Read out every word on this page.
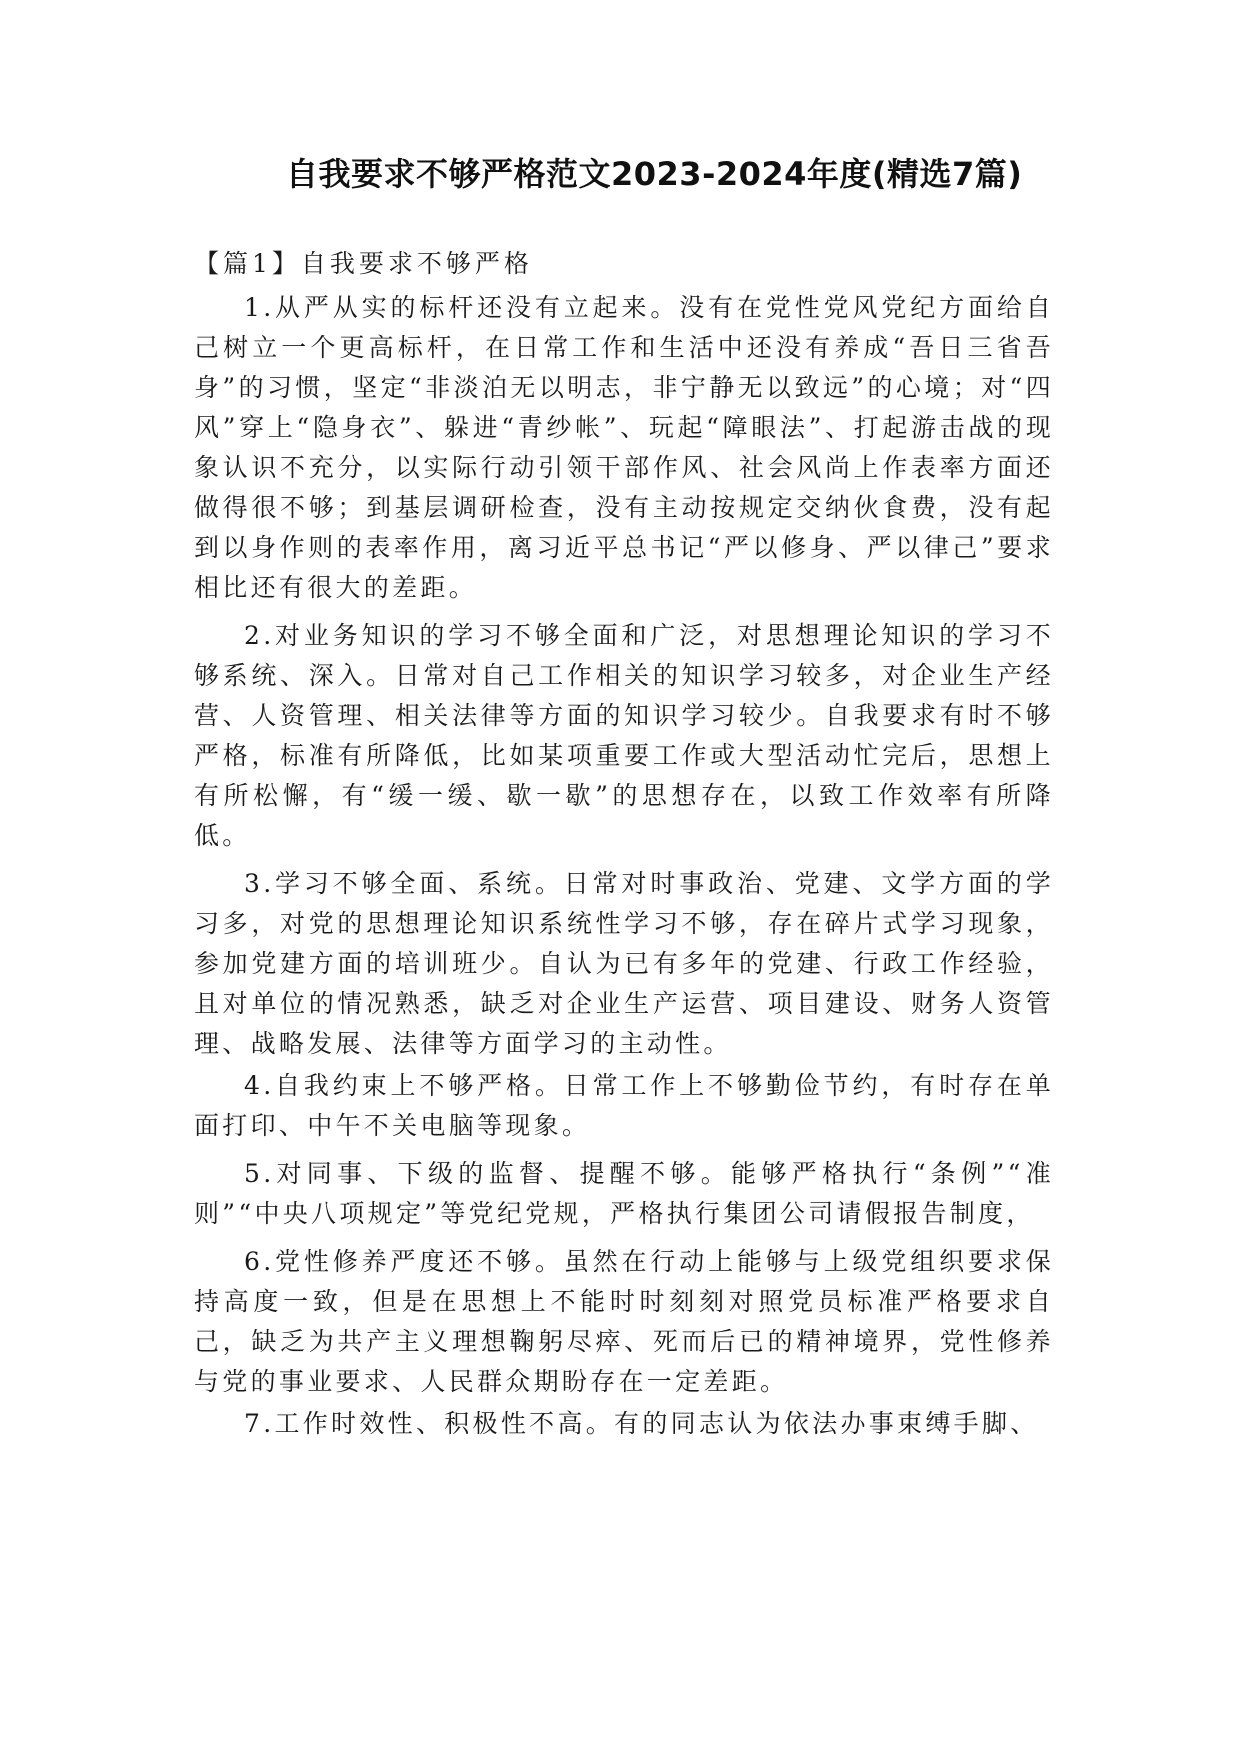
自我要求不够严格范文2023-2024年度(精选7篇)
【篇1】自我要求不够严格

1.从严从实的标杆还没有立起来。没有在党性党风党纪方面给自己树立一个更高标杆，在日常工作和生活中还没有养成“吾日三省吾身”的习惯，坚定“非淡泊无以明志，非宁静无以致远”的心境；对“四风”穿上“隐身衣”、躲进“青纱帐”、玩起“障眼法”、打起游击战的现象认识不充分，以实际行动引领干部作风、社会风尚上作表率方面还做得很不够；到基层调研检查，没有主动按规定交纳伙食费，没有起到以身作则的表率作用，离习近平总书记“严以修身、严以律己”要求相比还有很大的差距。

2.对业务知识的学习不够全面和广泛，对思想理论知识的学习不够系统、深入。日常对自己工作相关的知识学习较多，对企业生产经营、人资管理、相关法律等方面的知识学习较少。自我要求有时不够严格，标准有所降低，比如某项重要工作或大型活动忙完后，思想上有所松懈，有“缓一缓、歇一歇”的思想存在，以致工作效率有所降低。

3.学习不够全面、系统。日常对时事政治、党建、文学方面的学习多，对党的思想理论知识系统性学习不够，存在碎片式学习现象，参加党建方面的培训班少。自认为已有多年的党建、行政工作经验，且对单位的情况熟悉，缺乏对企业生产运营、项目建设、财务人资管理、战略发展、法律等方面学习的主动性。

4.自我约束上不够严格。日常工作上不够勤俭节约，有时存在单面打印、中午不关电脑等现象。

5.对同事、下级的监督、提醒不够。能够严格执行“条例”“准则”“中央八项规定”等党纪党规，严格执行集团公司请假报告制度，

6.党性修养严度还不够。虽然在行动上能够与上级党组织要求保持高度一致，但是在思想上不能时时刻刻对照党员标准严格要求自己，缺乏为共产主义理想鞠躬尽瘁、死而后已的精神境界，党性修养与党的事业要求、人民群众期盼存在一定差距。

7.工作时效性、积极性不高。有的同志认为依法办事束缚手脚、
